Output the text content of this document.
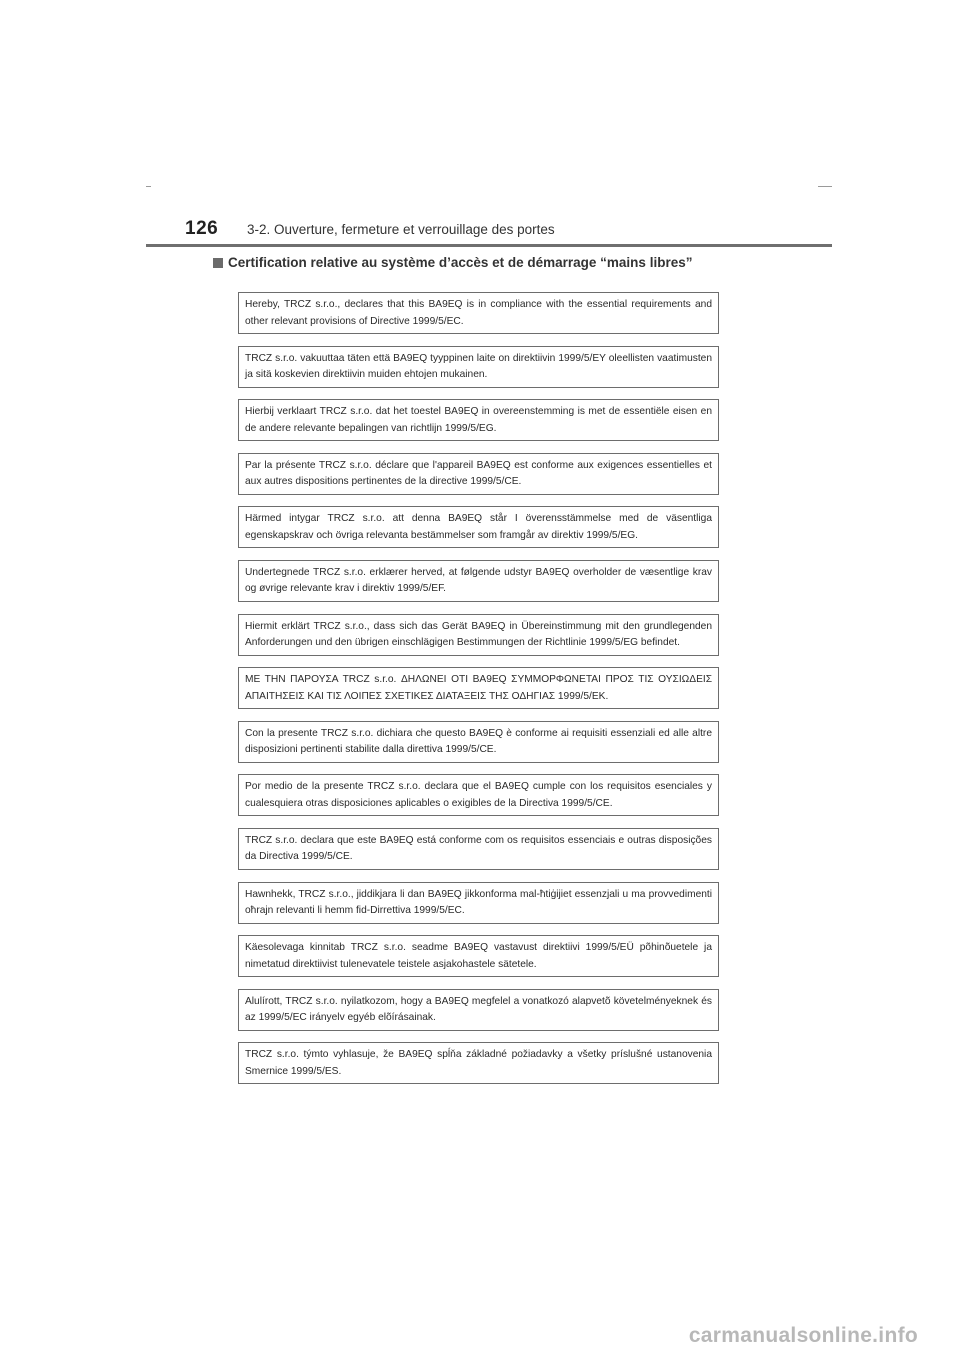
126 3-2. Ouverture, fermeture et verrouillage des portes
Certification relative au système d’accès et de démarrage “mains libres”
Hereby, TRCZ s.r.o., declares that this BA9EQ is in compliance with the essential requirements and other relevant provisions of Directive 1999/5/EC.
TRCZ s.r.o. vakuuttaa täten että BA9EQ tyyppinen laite on direktiivin 1999/5/EY oleellisten vaatimusten ja sitä koskevien direktiivin muiden ehtojen mukainen.
Hierbij verklaart TRCZ s.r.o. dat het toestel BA9EQ in overeenstemming is met de essentiële eisen en de andere relevante bepalingen van richtlijn 1999/5/EG.
Par la présente TRCZ s.r.o. déclare que l'appareil BA9EQ est conforme aux exigences essentielles et aux autres dispositions pertinentes de la directive 1999/5/CE.
Härmed intygar TRCZ s.r.o. att denna BA9EQ står I överensstämmelse med de väsentliga egenskapskrav och övriga relevanta bestämmelser som framgår av direktiv 1999/5/EG.
Undertegnede TRCZ s.r.o. erklærer herved, at følgende udstyr BA9EQ overholder de væsentlige krav og øvrige relevante krav i direktiv 1999/5/EF.
Hiermit erklärt TRCZ s.r.o., dass sich das Gerät BA9EQ in Übereinstimmung mit den grundlegenden Anforderungen und den übrigen einschlägigen Bestimmungen der Richtlinie 1999/5/EG befindet.
ΜΕ ΤΗΝ ΠΑΡΟΥΣΑ TRCZ s.r.o. ΔΗΛΩΝΕΙ ΟΤΙ BA9EQ ΣΥΜΜΟΡΦΩΝΕΤΑΙ ΠΡΟΣ ΤΙΣ ΟΥΣΙΩΔΕΙΣ ΑΠΑΙΤΗΣΕΙΣ ΚΑΙ ΤΙΣ ΛΟΙΠΕΣ ΣΧΕΤΙΚΕΣ ΔΙΑΤΑΞΕΙΣ ΤΗΣ ΟΔΗΓΙΑΣ 1999/5/ΕΚ.
Con la presente TRCZ s.r.o. dichiara che questo BA9EQ è conforme ai requisiti essenziali ed alle altre disposizioni pertinenti stabilite dalla direttiva 1999/5/CE.
Por medio de la presente TRCZ s.r.o. declara que el BA9EQ cumple con los requisitos esenciales y cualesquiera otras disposiciones aplicables o exigibles de la Directiva 1999/5/CE.
TRCZ s.r.o. declara que este BA9EQ está conforme com os requisitos essenciais e outras disposições da Directiva 1999/5/CE.
Hawnhekk, TRCZ s.r.o., jiddikjara li dan BA9EQ jikkonforma mal-ħtiġijiet essenzjali u ma provvedimenti oħrajn relevanti li hemm fid-Dirrettiva 1999/5/EC.
Käesolevaga kinnitab TRCZ s.r.o. seadme BA9EQ vastavust direktiivi 1999/5/EÜ põhinõuetele ja nimetatud direktiivist tulenevatele teistele asjakohastele sätetele.
Alulírott, TRCZ s.r.o. nyilatkozom, hogy a BA9EQ megfelel a vonatkozó alapvetõ követelményeknek és az 1999/5/EC irányelv egyéb elõírásainak.
TRCZ s.r.o. týmto vyhlasuje, že BA9EQ spĺňa základné požiadavky a všetky príslušné ustanovenia Smernice 1999/5/ES.
carmanualsonline.info
